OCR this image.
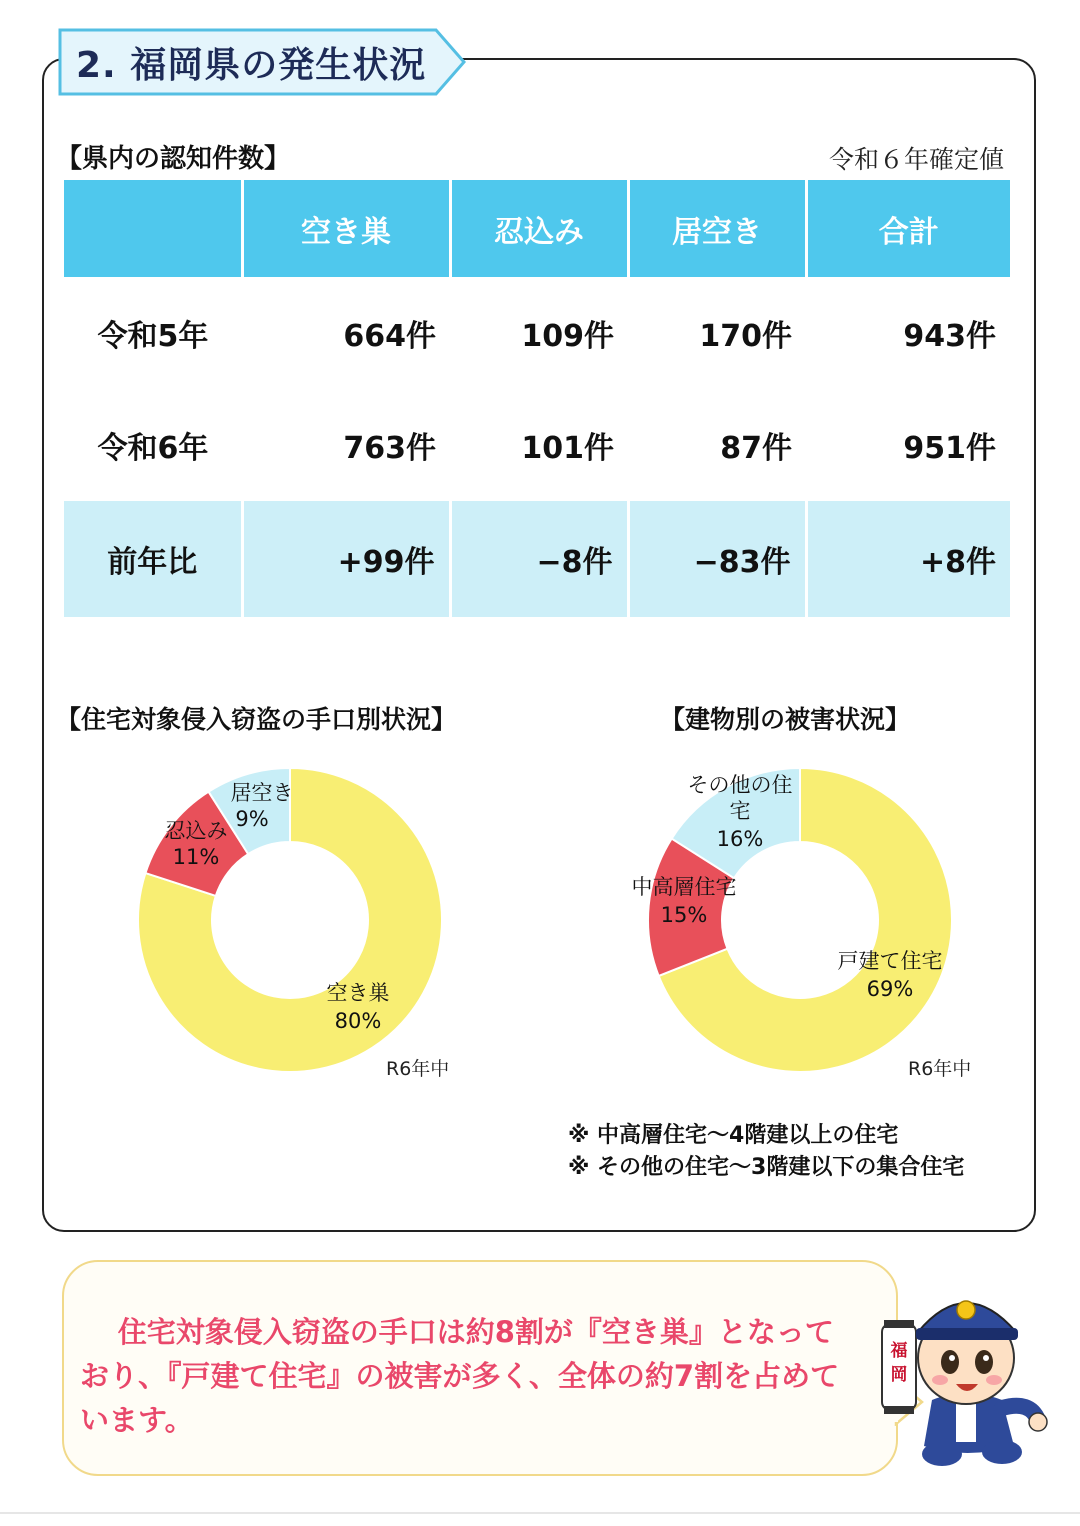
2. 福岡県の発生状況
【県内の認知件数】	令和６年確定値
	空き巣	忍込み	居空き	合計
令和5年	664件	109件	170件	943件
令和6年	763件	101件	87件	951件
前年比	+99件	−8件	−83件	+8件
【住宅対象侵入窃盗の手口別状況】	【建物別の被害状況】
居空き
9%
忍込み
11%
空き巣
80%
R6年中
その他の住
宅
16%
中高層住宅
15%
戸建て住宅
69%
R6年中
※ 中高層住宅〜4階建以上の住宅
※ その他の住宅〜3階建以下の集合住宅
住宅対象侵入窃盗の手口は約8割が『空き巣』となっており、『戸建て住宅』の被害が多く、全体の約7割を占めています。
福
岡
